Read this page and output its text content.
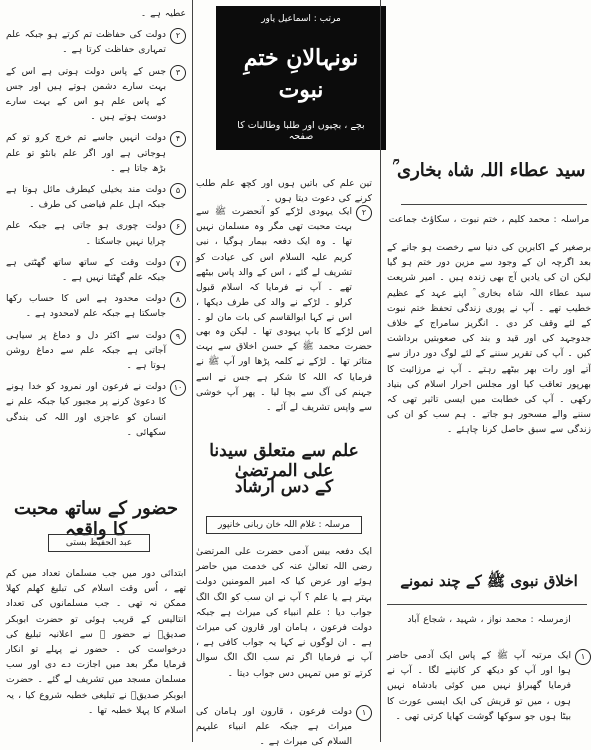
عطیہ ہے ۔

۲

دولت کی حفاظت تم کرتے ہو جبکہ علم تمہاری حفاظت کرتا ہے ۔

۳

جس کے پاس دولت ہوتی ہے اس کے بہت سارے دشمن ہوتے ہیں اور جس کے پاس علم ہو اس کے بہت سارے دوست ہوتے ہیں ۔

۴

دولت انہیں جاسے تم خرچ کرو تو کم ہوجاتی ہے اور اگر علم بانٹو تو علم بڑھ جاتا ہے ۔

۵

دولت مند بخیلی کیطرف مائل ہوتا ہے جبکہ اہل علم فیاضی کی طرف ۔

۶

دولت چوری ہو جاتی ہے جبکہ علم چرایا نہیں جاسکتا ۔

۷

دولت وقت کے ساتھ ساتھ گھٹتی ہے جبکہ علم گھٹتا نہیں ہے ۔

۸

دولت محدود ہے اس کا حساب رکھا جاسکتا ہے جبکہ علم لامحدود ہے ۔

۹

دولت سے اکثر دل و دماغ پر سیاہی آجاتی ہے جبکہ علم سے دماغ روشن ہوتا ہے ۔

۱۰

دولت نے فرعون اور نمرود کو خدا ہونے کا دعویٰ کرنے پر مجبور کیا جبکہ علم نے انسان کو عاجزی اور اللہ کی بندگی سکھائی ۔

حضور کے ساتھ محبت کا واقعہ
عبد الحفیظ بستی

ابتدائی دور میں جب مسلمان تعداد میں کم تھے ، اُس وقت اسلام کی تبلیغ کھلم کھلا ممکن نہ تھی ۔ جب مسلمانوں کی تعداد انتالیس کے قریب ہوئی تو حضرت ابوبکر صدیقؓ نے حضور ﷺ سے اعلانیہ تبلیغ کی درخواست کی ۔ حضور نے پہلے تو انکار فرمایا مگر بعد میں اجازت دے دی اور سب مسلمان مسجد میں تشریف لے گئے ۔ حضرت ابوبکر صدیقؓ نے تبلیغی خطبہ شروع کیا ، یہ اسلام کا پہلا خطبہ تھا ۔

مرتب : اسماعیل یاور
نونہالانِ ختمِ نبوت
بچے ، بچیوں اور طلبا وطالبات کا صفحہ

تین علم کی باتیں ہوں اور کچھ علم طلب کرنے کی دعوت دیتا ہوں ۔

۲

ایک یہودی لڑکے کو آنحضرت ﷺ سے بہت محبت تھی مگر وہ مسلمان نہیں تھا ۔ وہ ایک دفعہ بیمار ہوگیا ، نبی کریم علیہ السلام اس کی عیادت کو تشریف لے گئے ، اس کے والد پاس بیٹھے تھے ۔ آپ نے فرمایا کہ اسلام قبول کرلو ۔ لڑکے نے والد کی طرف دیکھا ، اس نے کہا ابوالقاسم کی بات مان لو ۔

اس لڑکے کا باپ یہودی تھا ۔ لیکن وہ بھی حضرت محمد ﷺ کے حسن اخلاق سے بہت متاثر تھا ۔ لڑکے نے کلمہ پڑھا اور آپ ﷺ نے فرمایا کہ اللہ کا شکر ہے جس نے اسے جہنم کی آگ سے بچا لیا ۔ پھر آپ خوشی سے واپس تشریف لے آئے ۔

علم سے متعلق سیدنا علی المرتضیٰ
کے دس ارشاد
مرسلہ : غلام اللہ خان ربانی خانپور

ایک دفعہ بیس آدمی حضرت علی المرتضیٰ رضی اللہ تعالیٰ عنہ کی خدمت میں حاضر ہوئے اور عرض کیا کہ امیر المومنین دولت بہتر ہے یا علم ؟ آپ نے ان سب کو الگ الگ جواب دیا : علم انبیاء کی میراث ہے جبکہ دولت فرعون ، ہامان اور قارون کی میراث ہے ۔ ان لوگوں نے کہا یہ جواب کافی ہے ، آپ نے فرمایا اگر تم سب الگ الگ سوال کرتے تو میں تمہیں دس جواب دیتا ۔

۱

دولت فرعون ، قارون اور ہامان کی میراث ہے جبکہ علم انبیاء علیہم السلام کی میراث ہے ۔

سید عطاء اللہ شاہ بخاری ؒ
مراسلہ : محمد کلیم ، ختم نبوت ، سکاؤٹ جماعت

برصغیر کے اکابرین کی دنیا سے رخصت ہو جانے کے بعد اگرچہ ان کے وجود سے مزین دور ختم ہو گیا لیکن ان کی یادیں آج بھی زندہ ہیں ۔ امیر شریعت سید عطاء اللہ شاہ بخاری ؒ اپنے عہد کے عظیم خطیب تھے ۔ آپ نے پوری زندگی تحفظ ختم نبوت کے لئے وقف کر دی ۔ انگریز سامراج کے خلاف جدوجہد کی اور قید و بند کی صعوبتیں برداشت کیں ۔ آپ کی تقریر سننے کے لئے لوگ دور دراز سے آتے اور رات بھر بیٹھے رہتے ۔ آپ نے مرزائیت کا بھرپور تعاقب کیا اور مجلس احرار اسلام کی بنیاد رکھی ۔ آپ کی خطابت میں ایسی تاثیر تھی کہ سننے والے مسحور ہو جاتے ۔ ہم سب کو ان کی زندگی سے سبق حاصل کرنا چاہئے ۔

اخلاق نبوی ﷺ کے چند نمونے
ازمرسلہ : محمد نواز ، شہید ، شجاع آباد
۱

ایک مرتبہ آپ ﷺ کے پاس ایک آدمی حاضر ہوا اور آپ کو دیکھ کر کانپنے لگا ۔ آپ نے فرمایا گھبراؤ نہیں میں کوئی بادشاہ نہیں ہوں ، میں تو قریش کی ایک ایسی عورت کا بیٹا ہوں جو سوکھا گوشت کھایا کرتی تھی ۔
